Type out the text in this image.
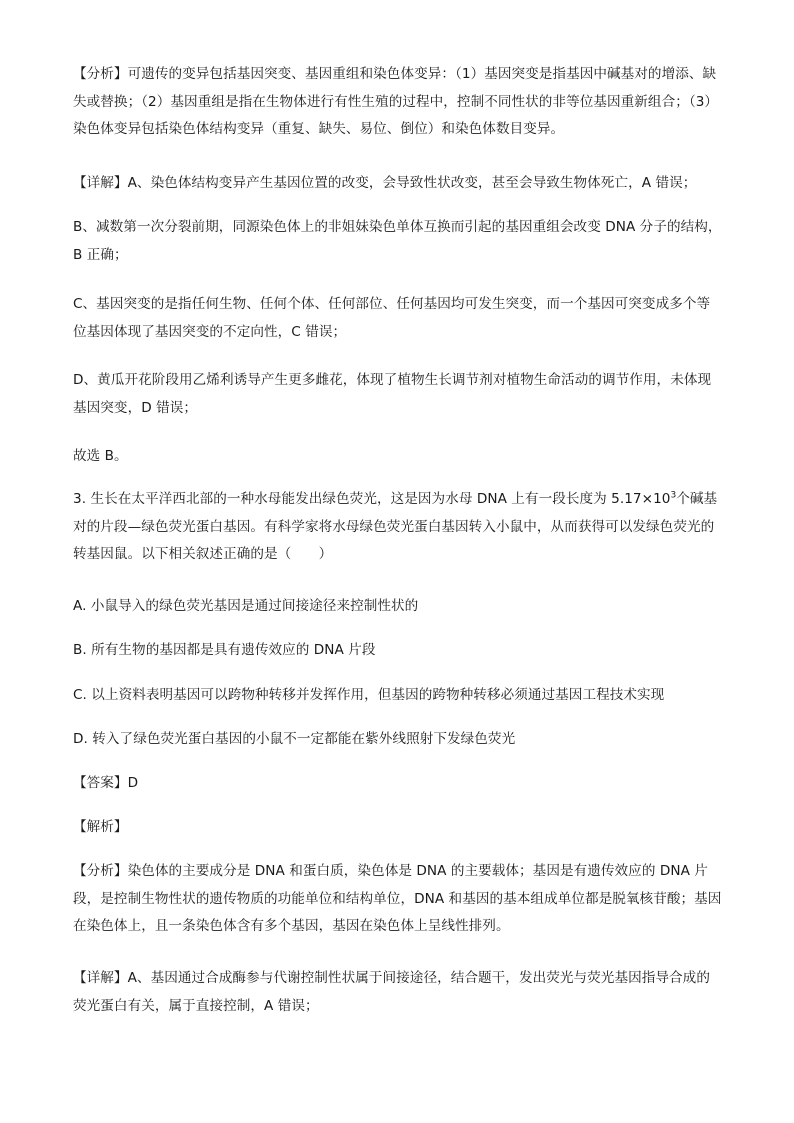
【分析】可遗传的变异包括基因突变、基因重组和染色体变异：（1）基因突变是指基因中碱基对的增添、缺失或替换；（2）基因重组是指在生物体进行有性生殖的过程中，控制不同性状的非等位基因重新组合；（3）染色体变异包括染色体结构变异（重复、缺失、易位、倒位）和染色体数目变异。

【详解】A、染色体结构变异产生基因位置的改变，会导致性状改变，甚至会导致生物体死亡，A 错误；

B、减数第一次分裂前期，同源染色体上的非姐妹染色单体互换而引起的基因重组会改变 DNA 分子的结构，B 正确；

C、基因突变的是指任何生物、任何个体、任何部位、任何基因均可发生突变，而一个基因可突变成多个等位基因体现了基因突变的不定向性，C 错误；

D、黄瓜开花阶段用乙烯利诱导产生更多雌花，体现了植物生长调节剂对植物生命活动的调节作用，未体现基因突变，D 错误；

故选 B。

3. 生长在太平洋西北部的一种水母能发出绿色荧光，这是因为水母 DNA 上有一段长度为 $5.17\times 10^3$个碱基对的片段—绿色荧光蛋白基因。有科学家将水母绿色荧光蛋白基因转入小鼠中，从而获得可以发绿色荧光的转基因鼠。以下相关叙述正确的是（　　）

A. 小鼠导入的绿色荧光基因是通过间接途径来控制性状的

B. 所有生物的基因都是具有遗传效应的 DNA 片段

C. 以上资料表明基因可以跨物种转移并发挥作用，但基因的跨物种转移必须通过基因工程技术实现

D. 转入了绿色荧光蛋白基因的小鼠不一定都能在紫外线照射下发绿色荧光

【答案】D

【解析】

【分析】染色体的主要成分是 DNA 和蛋白质，染色体是 DNA 的主要载体；基因是有遗传效应的 DNA 片段，是控制生物性状的遗传物质的功能单位和结构单位，DNA 和基因的基本组成单位都是脱氧核苷酸；基因在染色体上，且一条染色体含有多个基因，基因在染色体上呈线性排列。

【详解】A、基因通过合成酶参与代谢控制性状属于间接途径，结合题干，发出荧光与荧光基因指导合成的荧光蛋白有关，属于直接控制，A 错误；
